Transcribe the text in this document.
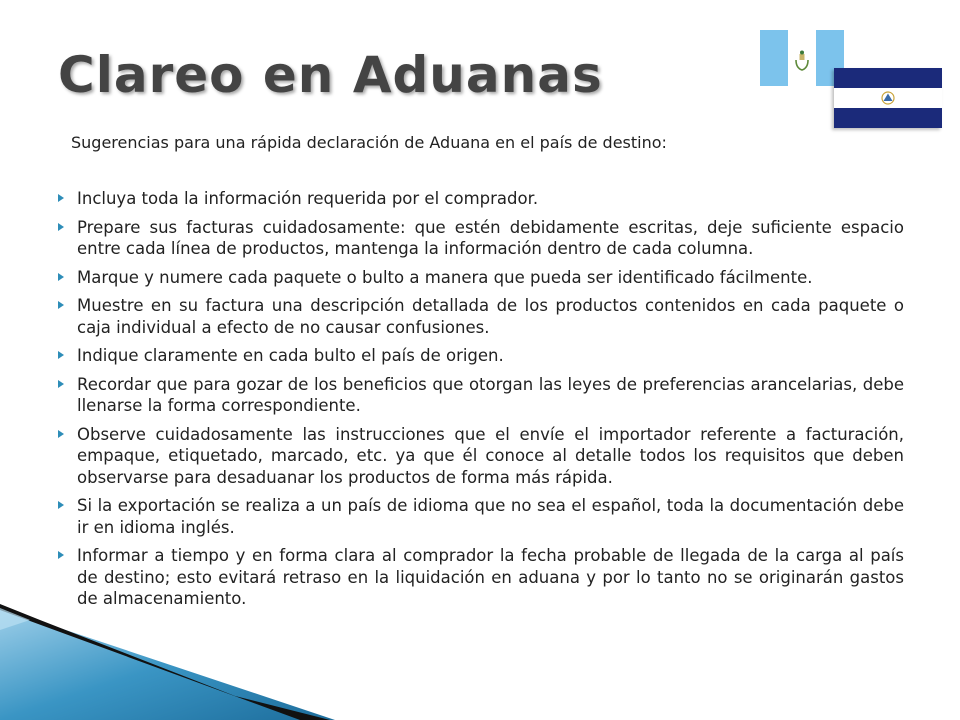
Clareo en Aduanas

Sugerencias para una rápida declaración de Aduana en el país de destino:

Incluya toda la información requerida por el comprador.
Prepare sus facturas cuidadosamente: que estén debidamente escritas, deje suficiente espacio entre cada línea de productos, mantenga la información dentro de cada columna.
Marque y numere cada paquete o bulto a manera que pueda ser identificado fácilmente.
Muestre en su factura una descripción detallada de los productos contenidos en cada paquete o caja individual a efecto de no causar confusiones.
Indique claramente en cada bulto el país de origen.
Recordar que para gozar de los beneficios que otorgan las leyes de preferencias arancelarias, debe llenarse la forma correspondiente.
Observe cuidadosamente las instrucciones que el envíe el importador referente a facturación, empaque, etiquetado, marcado, etc. ya que él conoce al detalle todos los requisitos que deben observarse para desaduanar los productos de forma más rápida.
Si la exportación se realiza a un país de idioma que no sea el español, toda la documentación debe ir en idioma inglés.
Informar a tiempo y en forma clara al comprador la fecha probable de llegada de la carga al país de destino; esto evitará retraso en la liquidación en aduana y por lo tanto no se originarán gastos de almacenamiento.
